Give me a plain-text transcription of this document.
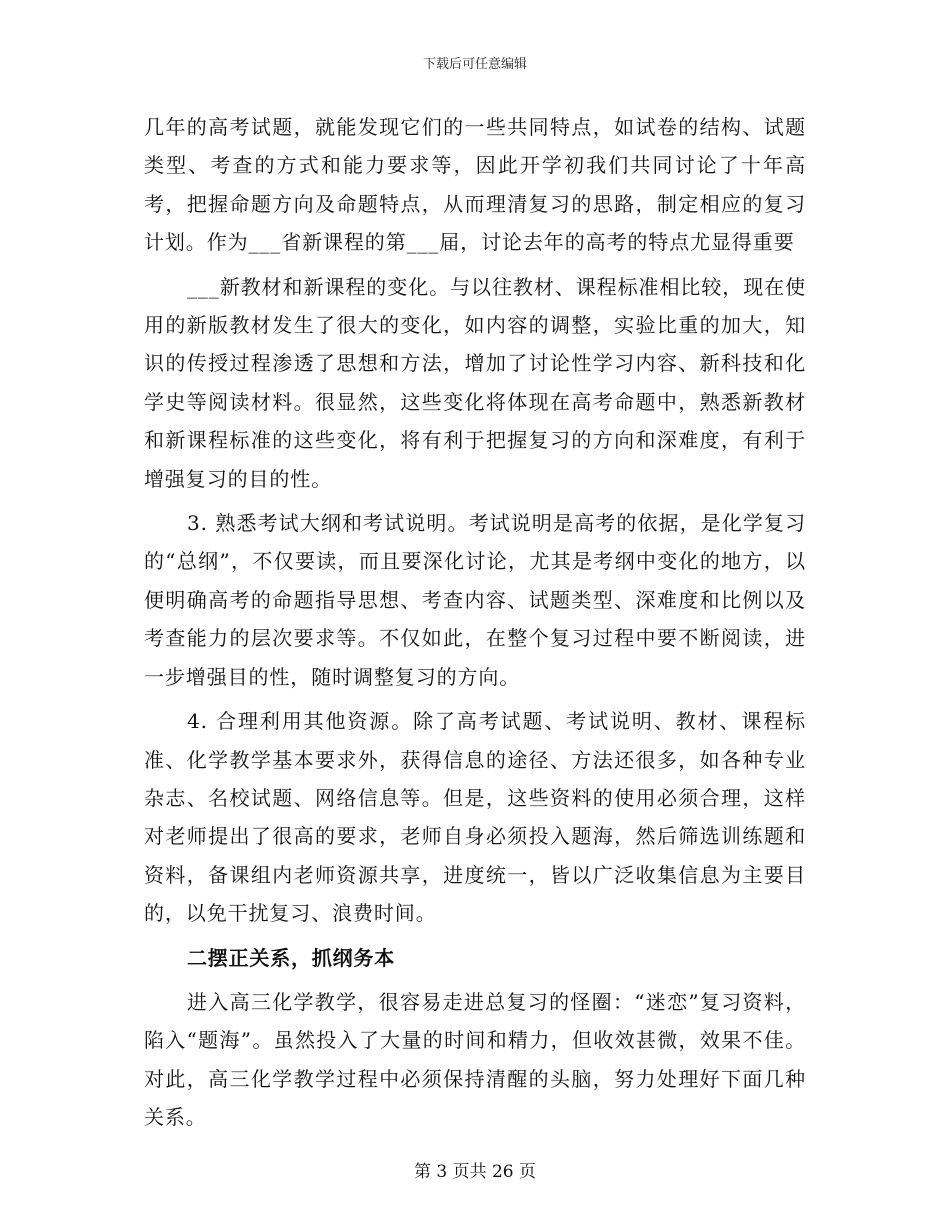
下载后可任意编辑

几年的高考试题，就能发现它们的一些共同特点，如试卷的结构、试题类型、考查的方式和能力要求等，因此开学初我们共同讨论了十年高考，把握命题方向及命题特点，从而理清复习的思路，制定相应的复习计划。作为___省新课程的第___届，讨论去年的高考的特点尤显得重要

___新教材和新课程的变化。与以往教材、课程标准相比较，现在使用的新版教材发生了很大的变化，如内容的调整，实验比重的加大，知识的传授过程渗透了思想和方法，增加了讨论性学习内容、新科技和化学史等阅读材料。很显然，这些变化将体现在高考命题中，熟悉新教材和新课程标准的这些变化，将有利于把握复习的方向和深难度，有利于增强复习的目的性。

3. 熟悉考试大纲和考试说明。考试说明是高考的依据，是化学复习的“总纲”，不仅要读，而且要深化讨论，尤其是考纲中变化的地方，以便明确高考的命题指导思想、考查内容、试题类型、深难度和比例以及考查能力的层次要求等。不仅如此，在整个复习过程中要不断阅读，进一步增强目的性，随时调整复习的方向。

4. 合理利用其他资源。除了高考试题、考试说明、教材、课程标准、化学教学基本要求外，获得信息的途径、方法还很多，如各种专业杂志、名校试题、网络信息等。但是，这些资料的使用必须合理，这样对老师提出了很高的要求，老师自身必须投入题海，然后筛选训练题和资料，备课组内老师资源共享，进度统一，皆以广泛收集信息为主要目的，以免干扰复习、浪费时间。

二摆正关系，抓纲务本

进入高三化学教学，很容易走进总复习的怪圈：“迷恋”复习资料，陷入“题海”。虽然投入了大量的时间和精力，但收效甚微，效果不佳。对此，高三化学教学过程中必须保持清醒的头脑，努力处理好下面几种关系。

第 3 页共 26 页
